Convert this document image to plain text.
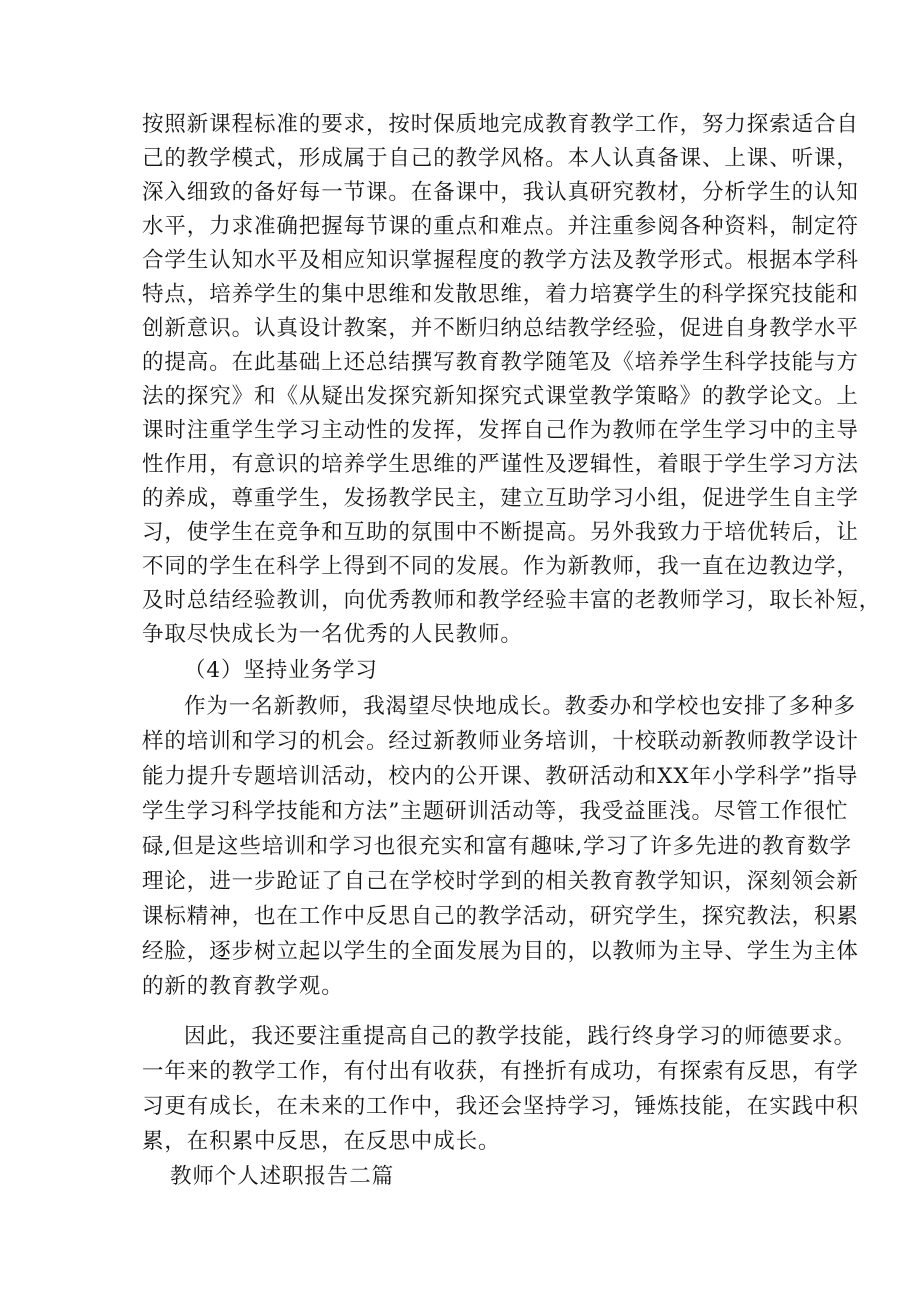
按照新课程标准的要求，按时保质地完成教育教学工作，努力探索适合自
己的教学模式，形成属于自己的教学风格。本人认真备课、上课、听课，
深入细致的备好每一节课。在备课中，我认真研究教材，分析学生的认知
水平，力求准确把握每节课的重点和难点。并注重参阅各种资料，制定符
合学生认知水平及相应知识掌握程度的教学方法及教学形式。根据本学科
特点，培养学生的集中思维和发散思维，着力培赛学生的科学探究技能和
创新意识。认真设计教案，并不断归纳总结教学经验，促进自身教学水平
的提高。在此基础上还总结撰写教育教学随笔及《培养学生科学技能与方
法的探究》和《从疑出发探究新知探究式课堂教学策略》的教学论文。上
课时注重学生学习主动性的发挥，发挥自己作为教师在学生学习中的主导
性作用，有意识的培养学生思维的严谨性及逻辑性，着眼于学生学习方法
的养成，尊重学生，发扬教学民主，建立互助学习小组，促进学生自主学
习，使学生在竞争和互助的氛围中不断提高。另外我致力于培优转后，让
不同的学生在科学上得到不同的发展。作为新教师，我一直在边教边学，
及时总结经验教训，向优秀教师和教学经验丰富的老教师学习，取长补短，
争取尽快成长为一名优秀的人民教师。
（4）坚持业务学习
作为一名新教师，我渴望尽快地成长。教委办和学校也安排了多种多
样的培训和学习的机会。经过新教师业务培训，十校联动新教师教学设计
能力提升专题培训活动，校内的公开课、教研活动和XX年小学科学”指导
学生学习科学技能和方法”主题研训活动等，我受益匪浅。尽管工作很忙
碌,但是这些培训和学习也很充实和富有趣味,学习了许多先进的教育数学
理论，进一步跄证了自己在学校时学到的相关教育教学知识，深刻领会新
课标精神，也在工作中反思自己的教学活动，研究学生，探究教法，积累
经脸，逐步树立起以学生的全面发展为目的，以教师为主导、学生为主体
的新的教育教学观。
因此，我还要注重提高自己的教学技能，践行终身学习的师德要求。
一年来的教学工作，有付出有收获，有挫折有成功，有探索有反思，有学
习更有成长，在未来的工作中，我还会坚持学习，锤炼技能，在实践中积
累，在积累中反思，在反思中成长。
教师个人述职报告二篇
